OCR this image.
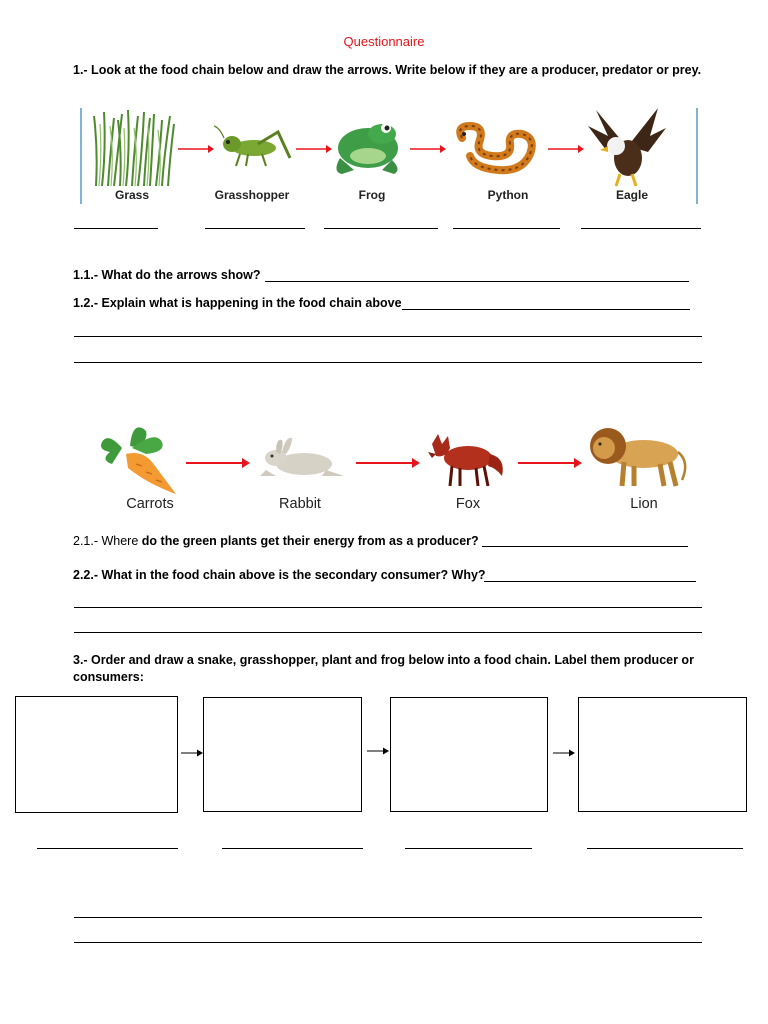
Questionnaire
1.- Look at the food chain below and draw the arrows. Write below if they are a producer, predator or prey.
Grass	Grasshopper	Frog	Python	Eagle
1.1.- What do the arrows show?
1.2.- Explain what is happening in the food chain above
Carrots	Rabbit	Fox	Lion
2.1.- Where do the green plants get their energy from as a producer?
2.2.- What in the food chain above is the secondary consumer? Why?
3.- Order and draw a snake, grasshopper, plant and frog below into a food chain. Label them producer or consumers:
